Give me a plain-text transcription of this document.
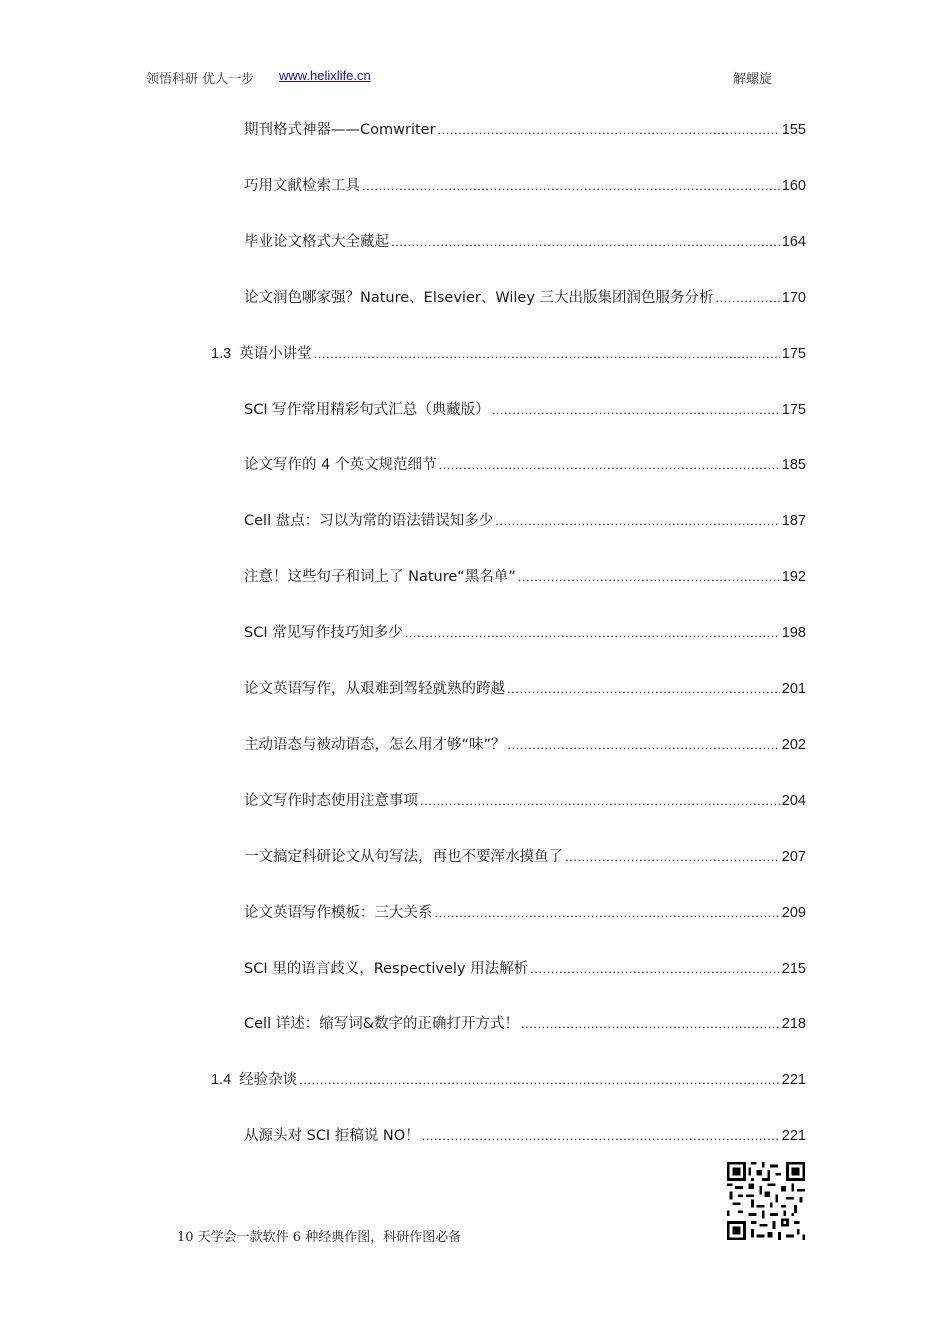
领悟科研 优人一步 www.helixlife.cn	解螺旋
期刊格式神器——Comwriter .....	155
巧用文献检索工具 .....	160
毕业论文格式大全藏起 .....	164
论文润色哪家强？Nature、Elsevier、Wiley 三大出版集团润色服务分析 .....	170
1.3 英语小讲堂 .....	175
SCI 写作常用精彩句式汇总（典藏版） .....	175
论文写作的 4 个英文规范细节 .....	185
Cell 盘点：习以为常的语法错误知多少 .....	187
注意！这些句子和词上了 Nature“黑名单” .....	192
SCI 常见写作技巧知多少 .....	198
论文英语写作，从艰难到驾轻就熟的跨越 .....	201
主动语态与被动语态，怎么用才够“味”？ .....	202
论文写作时态使用注意事项 .....	204
一文搞定科研论文从句写法，再也不要浑水摸鱼了 .....	207
论文英语写作模板：三大关系 .....	209
SCI 里的语言歧义，Respectively 用法解析 .....	215
Cell 详述：缩写词&数字的正确打开方式！ .....	218
1.4 经验杂谈 .....	221
从源头对 SCI 拒稿说 NO！ .....	221
10 天学会一款软件 6 种经典作图，科研作图必备
